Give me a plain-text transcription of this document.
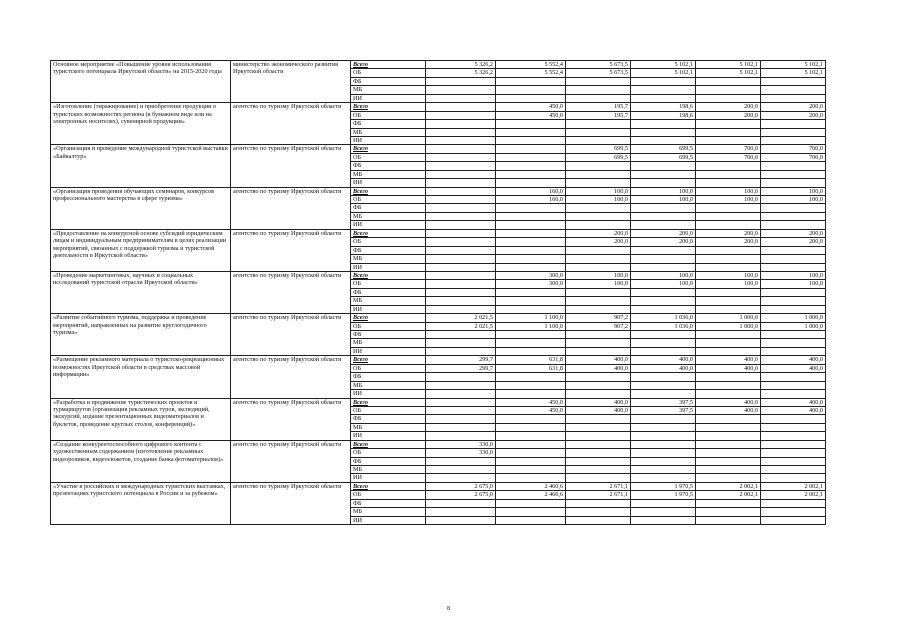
Основное мероприятие «Повышение уровня использования туристского потенциала Иркутской области» на 2015-2020 годы	министерство экономического развития Иркутской области	Всего	5 326,2	5 552,4	5 673,5	5 102,1	5 102,1	5 102,1
		ОБ	5 326,2	5 552,4	5 673,5	5 102,1	5 102,1	5 102,1
		ФБ						
		МБ						
		ИИ						
«Изготовление (тиражирование) и приобретение продукции о туристских возможностях региона (в бумажном виде или на электронных носителях), сувенирной продукции»	агентство по туризму Иркутской области	Всего		450,0	195,7	198,6	200,0	200,0
		ОБ		450,0	195,7	198,6	200,0	200,0
		ФБ						
		МБ						
		ИИ						
«Организация и проведение международной туристской выставки «Байкалтур»	агентство по туризму Иркутской области	Всего			699,5	699,5	700,0	700,0
		ОБ			699,5	699,5	700,0	700,0
		ФБ						
		МБ						
		ИИ						
«Организация проведения обучающих семинаров, конкурсов профессионального мастерства в сфере туризма»	агентство по туризму Иркутской области	Всего		160,0	100,0	100,0	100,0	100,0
		ОБ		160,0	100,0	100,0	100,0	100,0
		ФБ						
		МБ						
		ИИ						
«Предоставление на конкурсной основе субсидий юридическим лицам и индивидуальным предпринимателям в целях реализации мероприятий, связанных с поддержкой туризма и туристской деятельности в Иркутской области»	агентство по туризму Иркутской области	Всего			200,0	200,0	200,0	200,0
		ОБ			200,0	200,0	200,0	200,0
		ФБ						
		МБ						
		ИИ						
«Проведение маркетинговых, научных и социальных исследований туристской отрасли Иркутской области»	агентство по туризму Иркутской области	Всего		300,0	100,0	100,0	100,0	100,0
		ОБ		300,0	100,0	100,0	100,0	100,0
		ФБ						
		МБ						
		ИИ						
«Развитие событийного туризма, поддержка и проведение мероприятий, направленных на развитие круглогодичного туризма»	агентство по туризму Иркутской области	Всего	2 021,5	1 100,0	907,2	1 036,0	1 000,0	1 000,0
		ОБ	2 021,5	1 100,0	907,2	1 036,0	1 000,0	1 000,0
		ФБ						
		МБ						
		ИИ						
«Размещение рекламного материала о туристско-рекреационных возможностях Иркутской области в средствах массовой информации»	агентство по туризму Иркутской области	Всего	299,7	631,8	400,0	400,0	400,0	400,0
		ОБ	299,7	631,8	400,0	400,0	400,0	400,0
		ФБ						
		МБ						
		ИИ						
«Разработка и продвижение туристических проектов и турмаршрутов (организация рекламных туров, экспедиций, экскурсий, издание презентационных видеоматериалов и буклетов, проведение круглых столов, конференций)»	агентство по туризму Иркутской области	Всего		450,0	400,0	397,5	400,0	400,0
		ОБ		450,0	400,0	397,5	400,0	400,0
		ФБ						
		МБ						
		ИИ						
«Создание конкурентоспособного цифрового контента с художественным содержанием (изготовление рекламных видеороликов, видеосюжетов, создание банка фотоматериалов)»	агентство по туризму Иркутской области	Всего	330,0					
		ОБ	330,0					
		ФБ						
		МБ						
		ИИ						
«Участие в российских и международных туристских выставках, презентациях туристского потенциала в России и за рубежом»	агентство по туризму Иркутской области	Всего	2 675,0	2 460,6	2 671,1	1 970,5	2 002,1	2 002,1
		ОБ	2 675,0	2 460,6	2 671,1	1 970,5	2 002,1	2 002,1
		ФБ						
		МБ						
		ИИ						
8
